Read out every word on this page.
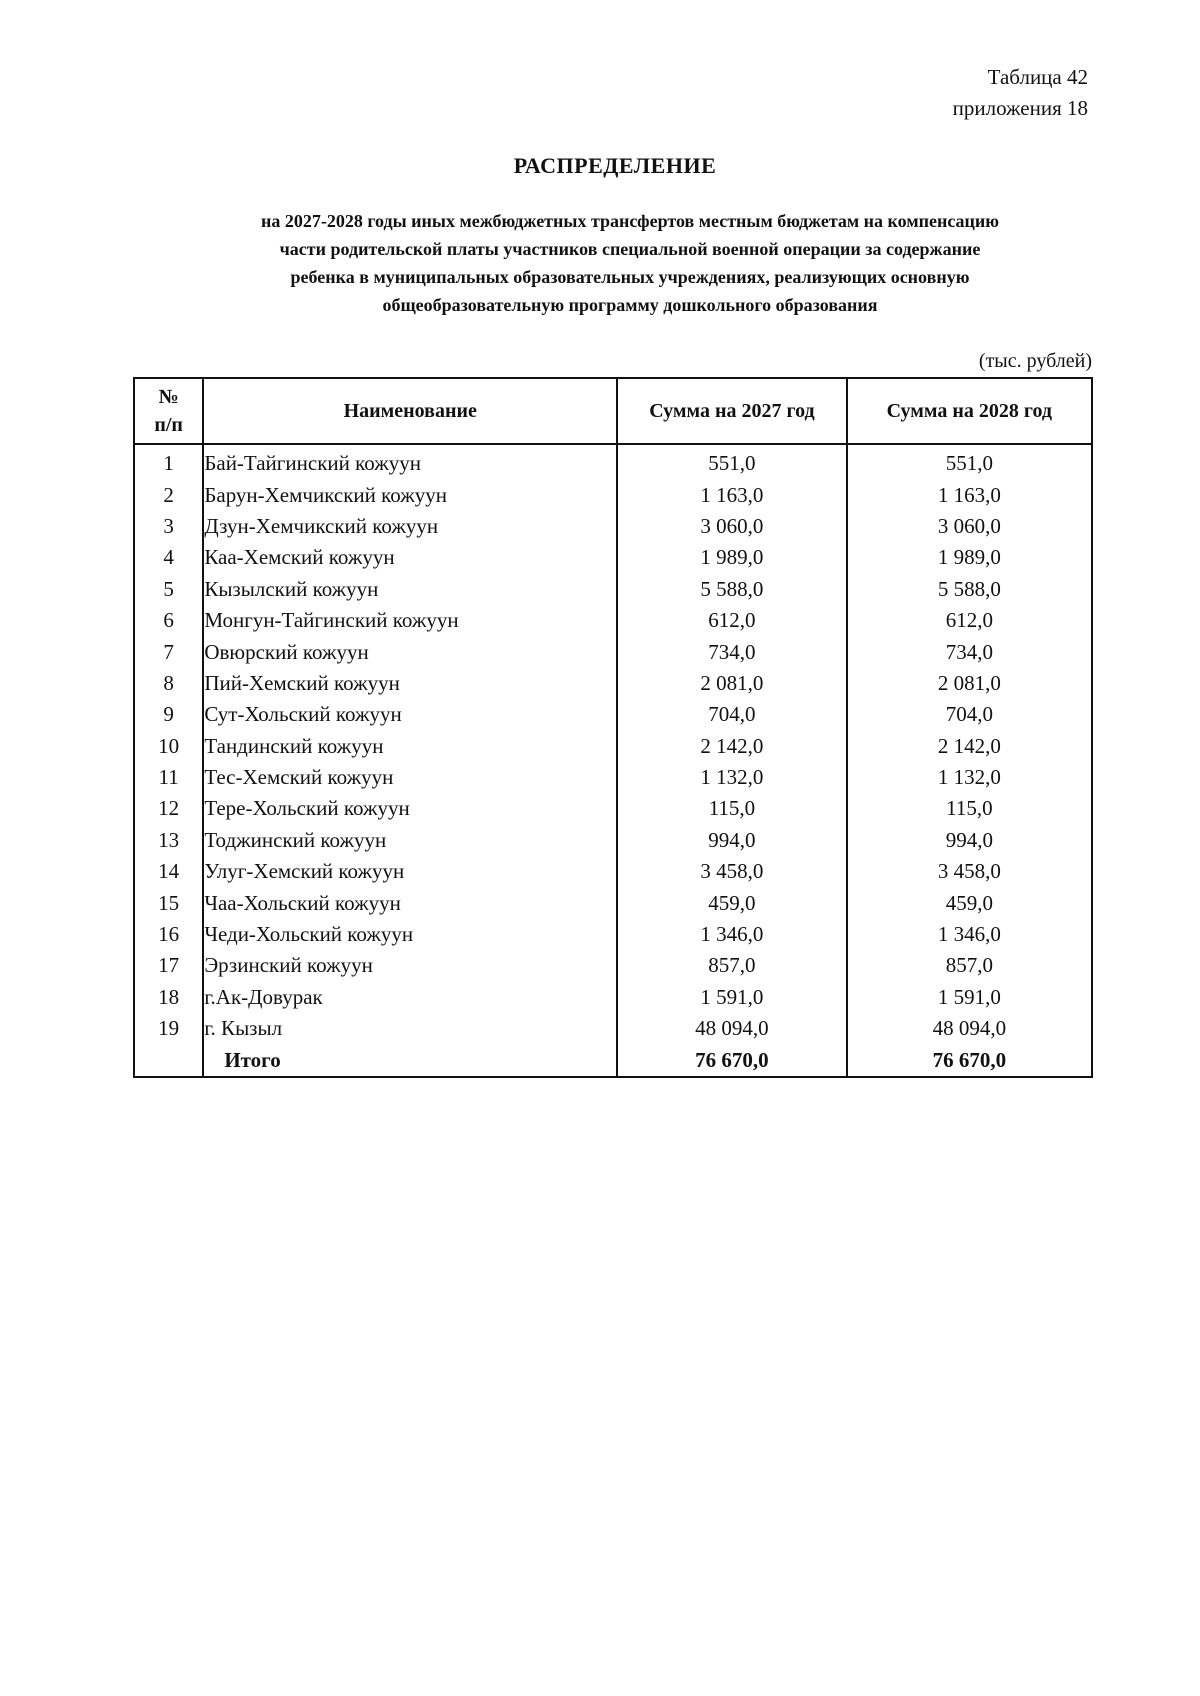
Таблица 42
приложения 18
РАСПРЕДЕЛЕНИЕ
на 2027-2028 годы иных межбюджетных трансфертов местным бюджетам на компенсацию
части родительской платы участников специальной военной операции за содержание
ребенка в муниципальных образовательных учреждениях, реализующих основную
общеобразовательную программу дошкольного образования
(тыс. рублей)
№
п/п	Наименование	Сумма на 2027 год	Сумма на 2028 год
1	Бай-Тайгинский кожуун	551,0	551,0
2	Барун-Хемчикский кожуун	1 163,0	1 163,0
3	Дзун-Хемчикский кожуун	3 060,0	3 060,0
4	Каа-Хемский кожуун	1 989,0	1 989,0
5	Кызылский кожуун	5 588,0	5 588,0
6	Монгун-Тайгинский кожуун	612,0	612,0
7	Овюрский кожуун	734,0	734,0
8	Пий-Хемский кожуун	2 081,0	2 081,0
9	Сут-Хольский кожуун	704,0	704,0
10	Тандинский кожуун	2 142,0	2 142,0
11	Тес-Хемский кожуун	1 132,0	1 132,0
12	Тере-Хольский кожуун	115,0	115,0
13	Тоджинский кожуун	994,0	994,0
14	Улуг-Хемский кожуун	3 458,0	3 458,0
15	Чаа-Хольский кожуун	459,0	459,0
16	Чеди-Хольский кожуун	1 346,0	1 346,0
17	Эрзинский кожуун	857,0	857,0
18	г.Ак-Довурак	1 591,0	1 591,0
19	г. Кызыл	48 094,0	48 094,0
	Итого	76 670,0	76 670,0
